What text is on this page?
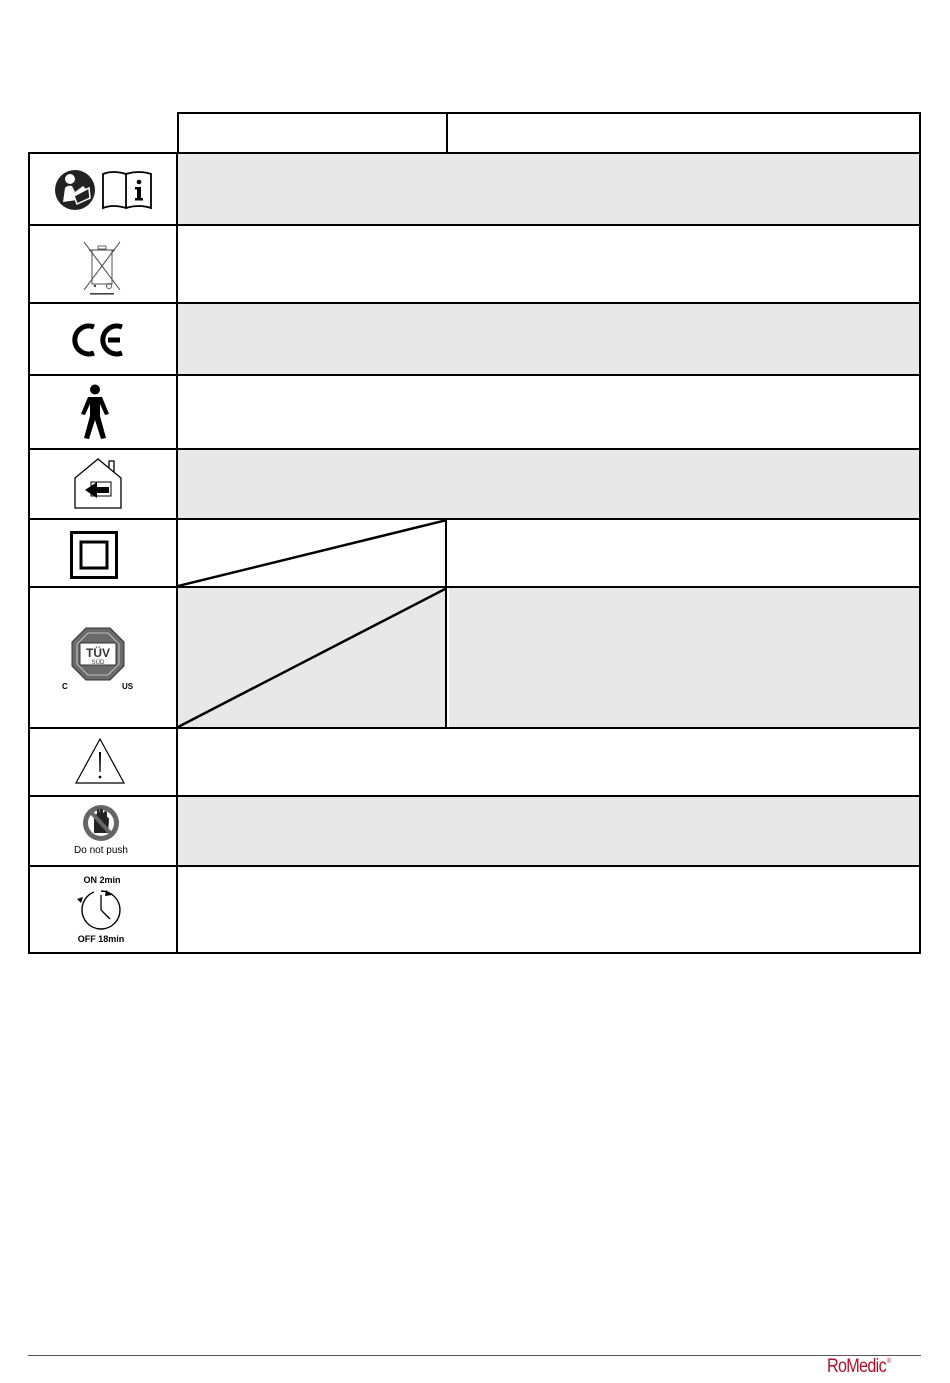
TÜV
SÜD
C	US
Do not push
ON 2min
OFF 18min
RoMedic®
